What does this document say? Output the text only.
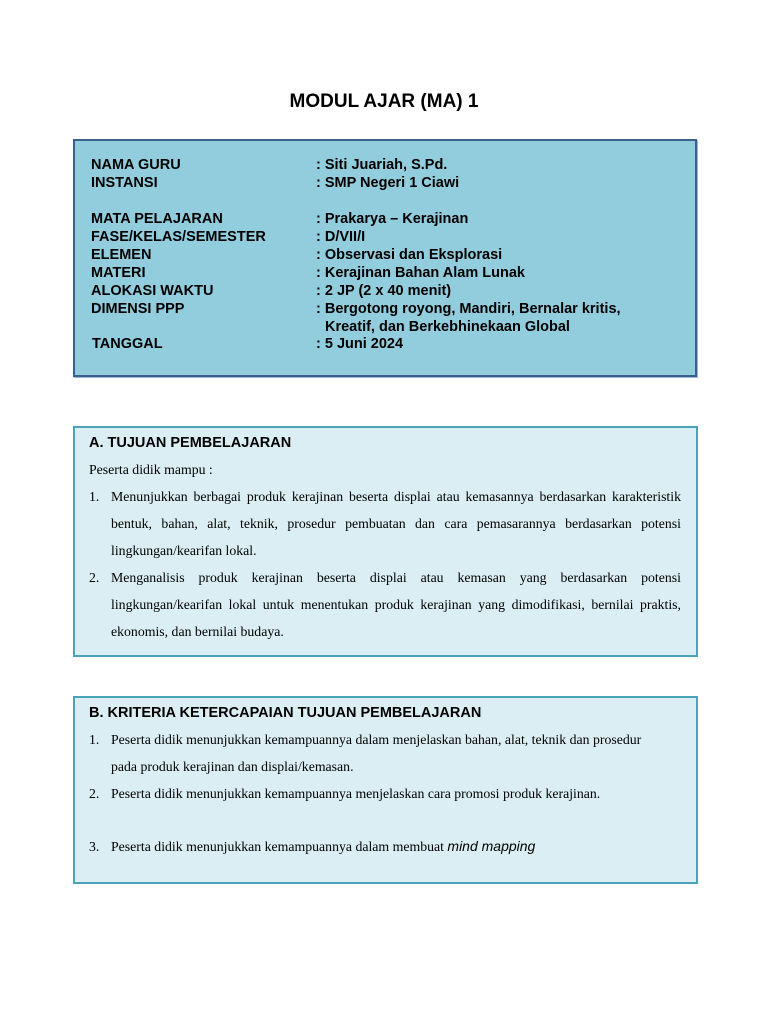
MODUL AJAR (MA) 1
NAMA GURU	: Siti Juariah, S.Pd.
INSTANSI	: SMP Negeri 1 Ciawi
MATA PELAJARAN	: Prakarya – Kerajinan
FASE/KELAS/SEMESTER	: D/VII/I
ELEMEN	: Observasi dan Eksplorasi
MATERI	: Kerajinan Bahan Alam Lunak
ALOKASI WAKTU	: 2 JP (2 x 40 menit)
DIMENSI PPP	: Bergotong royong, Mandiri, Bernalar kritis,
Kreatif, dan Berkebhinekaan Global
TANGGAL	: 5 Juni 2024
A. TUJUAN PEMBELAJARAN
Peserta didik mampu :
1. Menunjukkan berbagai produk kerajinan beserta displai atau kemasannya berdasarkan karakteristik bentuk, bahan, alat, teknik, prosedur pembuatan dan cara pemasarannya berdasarkan potensi lingkungan/kearifan lokal.
2. Menganalisis produk kerajinan beserta displai atau kemasan yang berdasarkan potensi lingkungan/kearifan lokal untuk menentukan produk kerajinan yang dimodifikasi, bernilai praktis, ekonomis, dan bernilai budaya.
B. KRITERIA KETERCAPAIAN TUJUAN PEMBELAJARAN
1. Peserta didik menunjukkan kemampuannya dalam menjelaskan bahan, alat, teknik dan prosedur pada produk kerajinan dan displai/kemasan.
2. Peserta didik menunjukkan kemampuannya menjelaskan cara promosi produk kerajinan.
3. Peserta didik menunjukkan kemampuannya dalam membuat mind mapping
